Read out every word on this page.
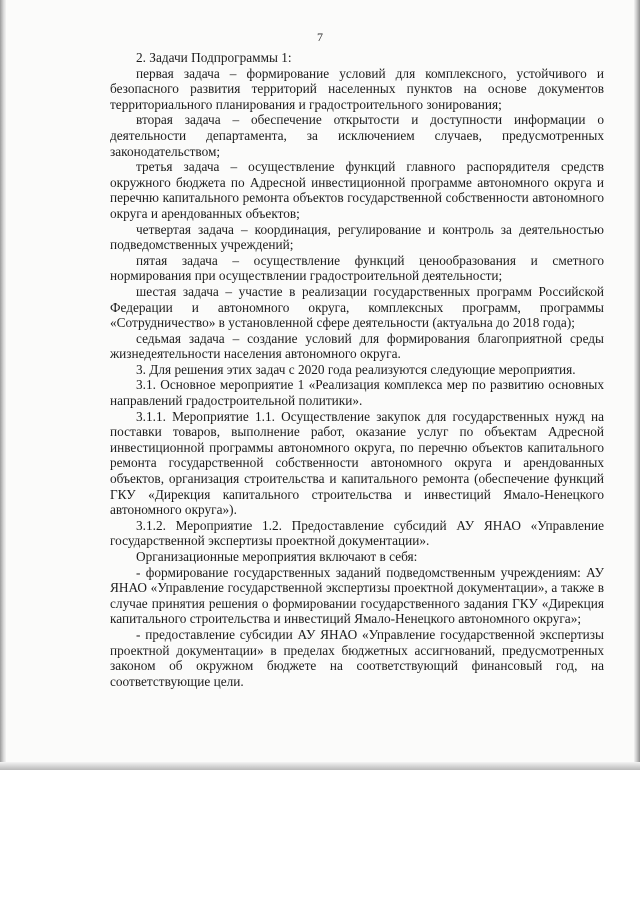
7

2. Задачи Подпрограммы 1:

первая задача – формирование условий для комплексного, устойчивого и безопасного развития территорий населенных пунктов на основе документов территориального планирования и градостроительного зонирования;

вторая задача – обеспечение открытости и доступности информации о деятельности департамента, за исключением случаев, предусмотренных законодательством;

третья задача – осуществление функций главного распорядителя средств окружного бюджета по Адресной инвестиционной программе автономного округа и перечню капитального ремонта объектов государственной собственности автономного округа и арендованных объектов;

четвертая задача – координация, регулирование и контроль за деятельностью подведомственных учреждений;

пятая задача – осуществление функций ценообразования и сметного нормирования при осуществлении градостроительной деятельности;

шестая задача – участие в реализации государственных программ Российской Федерации и автономного округа, комплексных программ, программы «Сотрудничество» в установленной сфере деятельности (актуальна до 2018 года);

седьмая задача – создание условий для формирования благоприятной среды жизнедеятельности населения автономного округа.

3. Для решения этих задач с 2020 года реализуются следующие мероприятия.

3.1. Основное мероприятие 1 «Реализация комплекса мер по развитию основных направлений градостроительной политики».

3.1.1. Мероприятие 1.1. Осуществление закупок для государственных нужд на поставки товаров, выполнение работ, оказание услуг по объектам Адресной инвестиционной программы автономного округа, по перечню объектов капитального ремонта государственной собственности автономного округа и арендованных объектов, организация строительства и капитального ремонта (обеспечение функций ГКУ «Дирекция капитального строительства и инвестиций Ямало-Ненецкого автономного округа»).

3.1.2. Мероприятие 1.2. Предоставление субсидий АУ ЯНАО «Управление государственной экспертизы проектной документации».

Организационные мероприятия включают в себя:

- формирование государственных заданий подведомственным учреждениям: АУ ЯНАО «Управление государственной экспертизы проектной документации», а также в случае принятия решения о формировании государственного задания ГКУ «Дирекция капитального строительства и инвестиций Ямало-Ненецкого автономного округа»;

- предоставление субсидии АУ ЯНАО «Управление государственной экспертизы проектной документации» в пределах бюджетных ассигнований, предусмотренных законом об окружном бюджете на соответствующий финансовый год, на соответствующие цели.
